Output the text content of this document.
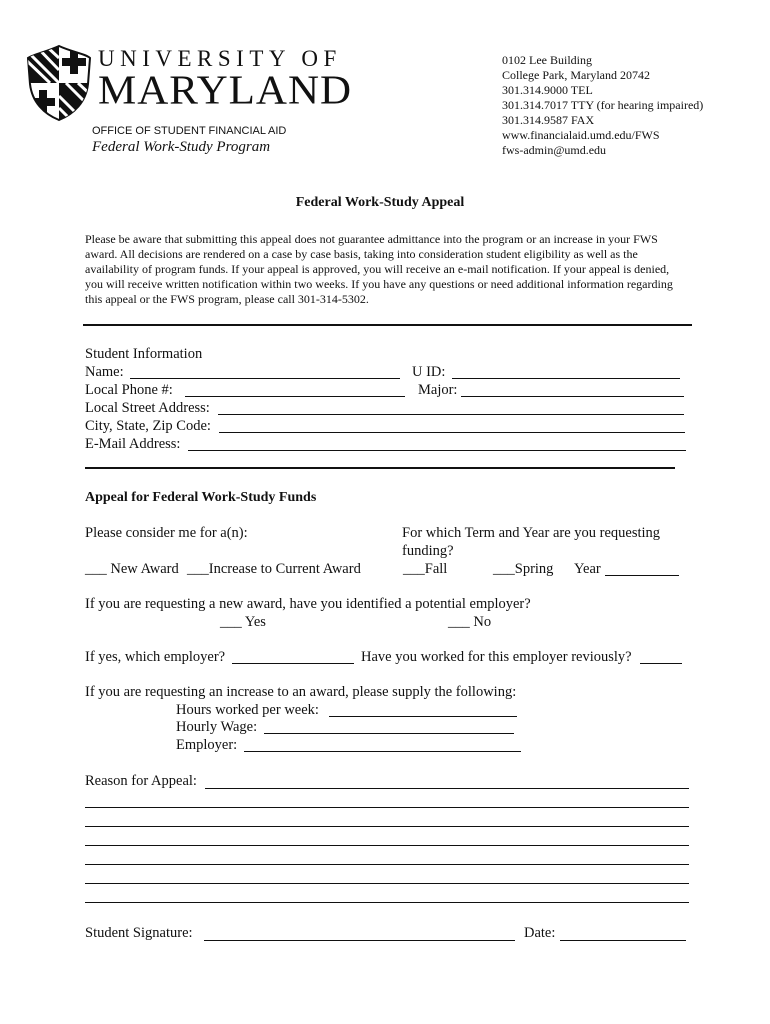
UNIVERSITY OF
MARYLAND
OFFICE OF STUDENT FINANCIAL AID
Federal Work-Study Program
0102 Lee Building
College Park, Maryland 20742
301.314.9000 TEL
301.314.7017 TTY (for hearing impaired)
301.314.9587 FAX
www.financialaid.umd.edu/FWS
fws-admin@umd.edu
Federal Work-Study Appeal
Please be aware that submitting this appeal does not guarantee admittance into the program or an increase in your FWS award. All decisions are rendered on a case by case basis, taking into consideration student eligibility as well as the availability of program funds. If your appeal is approved, you will receive an e-mail notification. If your appeal is denied, you will receive written notification within two weeks. If you have any questions or need additional information regarding this appeal or the FWS program, please call 301-314-5302.
Student Information
Name:	U ID:
Local Phone #:	Major:
Local Street Address:
City, State, Zip Code:
E-Mail Address:
Appeal for Federal Work-Study Funds
Please consider me for a(n):	For which Term and Year are you requesting
funding?
___ New Award ___Increase to Current Award	___Fall	___Spring Year
If you are requesting a new award, have you identified a potential employer?
___ Yes	___ No
If yes, which employer?	Have you worked for this employer reviously?
If you are requesting an increase to an award, please supply the following:
Hours worked per week:
Hourly Wage:
Employer:
Reason for Appeal:
Student Signature:	Date:
